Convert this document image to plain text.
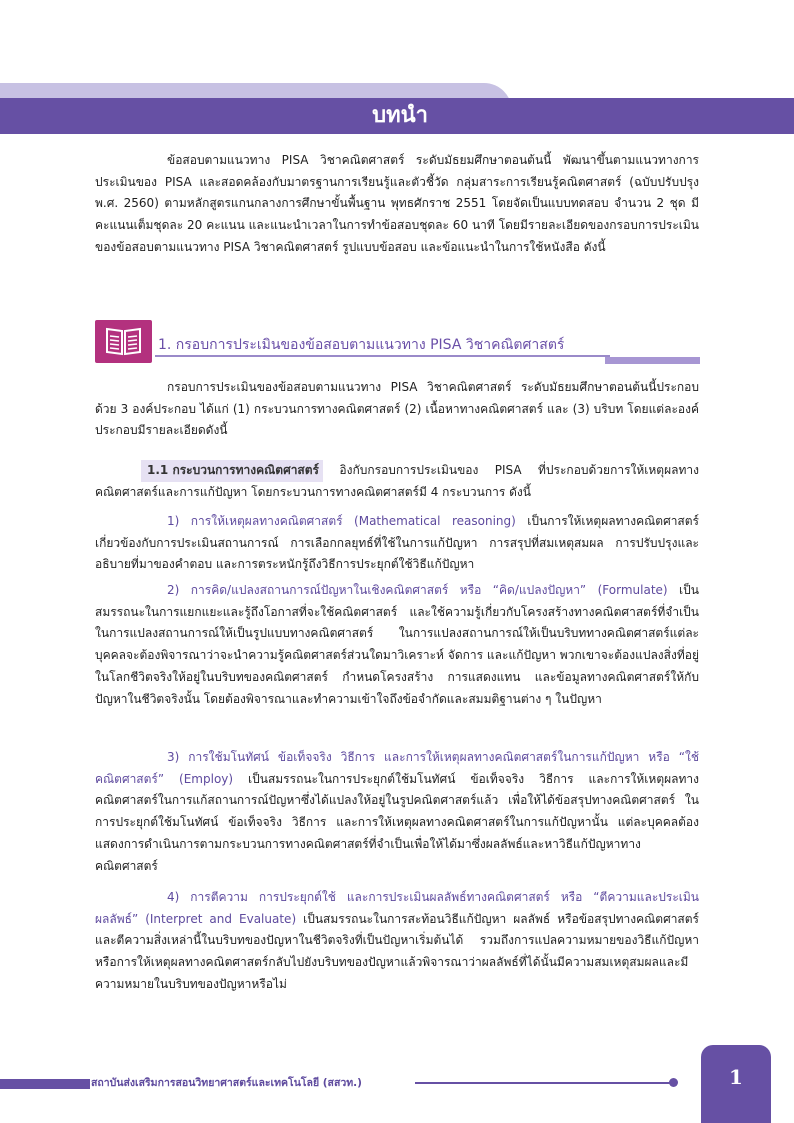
บทนำ

ข้อสอบตามแนวทาง PISA วิชาคณิตศาสตร์ ระดับมัธยมศึกษาตอนต้นนี้ พัฒนาขึ้นตามแนวทางการประเมินของ PISA และสอดคล้องกับมาตรฐานการเรียนรู้และตัวชี้วัด กลุ่มสาระการเรียนรู้คณิตศาสตร์ (ฉบับปรับปรุง พ.ศ. 2560) ตามหลักสูตรแกนกลางการศึกษาขั้นพื้นฐาน พุทธศักราช 2551 โดยจัดเป็นแบบทดสอบ จำนวน 2 ชุด มีคะแนนเต็มชุดละ 20 คะแนน และแนะนำเวลาในการทำข้อสอบชุดละ 60 นาที โดยมีรายละเอียดของกรอบการประเมินของข้อสอบตามแนวทาง PISA วิชาคณิตศาสตร์ รูปแบบข้อสอบ และข้อแนะนำในการใช้หนังสือ ดังนี้

1. กรอบการประเมินของข้อสอบตามแนวทาง PISA วิชาคณิตศาสตร์

กรอบการประเมินของข้อสอบตามแนวทาง PISA วิชาคณิตศาสตร์ ระดับมัธยมศึกษาตอนต้นนี้ประกอบด้วย 3 องค์ประกอบ ได้แก่ (1) กระบวนการทางคณิตศาสตร์ (2) เนื้อหาทางคณิตศาสตร์ และ (3) บริบท โดยแต่ละองค์ประกอบมีรายละเอียดดังนี้

1.1 กระบวนการทางคณิตศาสตร์ อิงกับกรอบการประเมินของ PISA ที่ประกอบด้วยการให้เหตุผลทางคณิตศาสตร์และการแก้ปัญหา โดยกระบวนการทางคณิตศาสตร์มี 4 กระบวนการ ดังนี้

1) การให้เหตุผลทางคณิตศาสตร์ (Mathematical reasoning) เป็นการให้เหตุผลทางคณิตศาสตร์เกี่ยวข้องกับการประเมินสถานการณ์ การเลือกกลยุทธ์ที่ใช้ในการแก้ปัญหา การสรุปที่สมเหตุสมผล การปรับปรุงและอธิบายที่มาของคำตอบ และการตระหนักรู้ถึงวิธีการประยุกต์ใช้วิธีแก้ปัญหา

2) การคิด/แปลงสถานการณ์ปัญหาในเชิงคณิตศาสตร์ หรือ “คิด/แปลงปัญหา” (Formulate) เป็นสมรรถนะในการแยกแยะและรู้ถึงโอกาสที่จะใช้คณิตศาสตร์ และใช้ความรู้เกี่ยวกับโครงสร้างทางคณิตศาสตร์ที่จำเป็นในการแปลงสถานการณ์ให้เป็นรูปแบบทางคณิตศาสตร์ ในการแปลงสถานการณ์ให้เป็นบริบททางคณิตศาสตร์แต่ละบุคคลจะต้องพิจารณาว่าจะนำความรู้คณิตศาสตร์ส่วนใดมาวิเคราะห์ จัดการ และแก้ปัญหา พวกเขาจะต้องแปลงสิ่งที่อยู่ในโลกชีวิตจริงให้อยู่ในบริบทของคณิตศาสตร์ กำหนดโครงสร้าง การแสดงแทน และข้อมูลทางคณิตศาสตร์ให้กับปัญหาในชีวิตจริงนั้น โดยต้องพิจารณาและทำความเข้าใจถึงข้อจำกัดและสมมติฐานต่าง ๆ ในปัญหา

3) การใช้มโนทัศน์ ข้อเท็จจริง วิธีการ และการให้เหตุผลทางคณิตศาสตร์ในการแก้ปัญหา หรือ “ใช้คณิตศาสตร์” (Employ) เป็นสมรรถนะในการประยุกต์ใช้มโนทัศน์ ข้อเท็จจริง วิธีการ และการให้เหตุผลทางคณิตศาสตร์ในการแก้สถานการณ์ปัญหาซึ่งได้แปลงให้อยู่ในรูปคณิตศาสตร์แล้ว เพื่อให้ได้ข้อสรุปทางคณิตศาสตร์ ในการประยุกต์ใช้มโนทัศน์ ข้อเท็จจริง วิธีการ และการให้เหตุผลทางคณิตศาสตร์ในการแก้ปัญหานั้น แต่ละบุคคลต้องแสดงการดำเนินการตามกระบวนการทางคณิตศาสตร์ที่จำเป็นเพื่อให้ได้มาซึ่งผลลัพธ์และหาวิธีแก้ปัญหาทางคณิตศาสตร์

4) การตีความ การประยุกต์ใช้ และการประเมินผลลัพธ์ทางคณิตศาสตร์ หรือ “ตีความและประเมินผลลัพธ์” (Interpret and Evaluate) เป็นสมรรถนะในการสะท้อนวิธีแก้ปัญหา ผลลัพธ์ หรือข้อสรุปทางคณิตศาสตร์ และตีความสิ่งเหล่านี้ในบริบทของปัญหาในชีวิตจริงที่เป็นปัญหาเริ่มต้นได้ รวมถึงการแปลความหมายของวิธีแก้ปัญหาหรือการให้เหตุผลทางคณิตศาสตร์กลับไปยังบริบทของปัญหาแล้วพิจารณาว่าผลลัพธ์ที่ได้นั้นมีความสมเหตุสมผลและมีความหมายในบริบทของปัญหาหรือไม่

สถาบันส่งเสริมการสอนวิทยาศาสตร์และเทคโนโลยี (สสวท.)	1
